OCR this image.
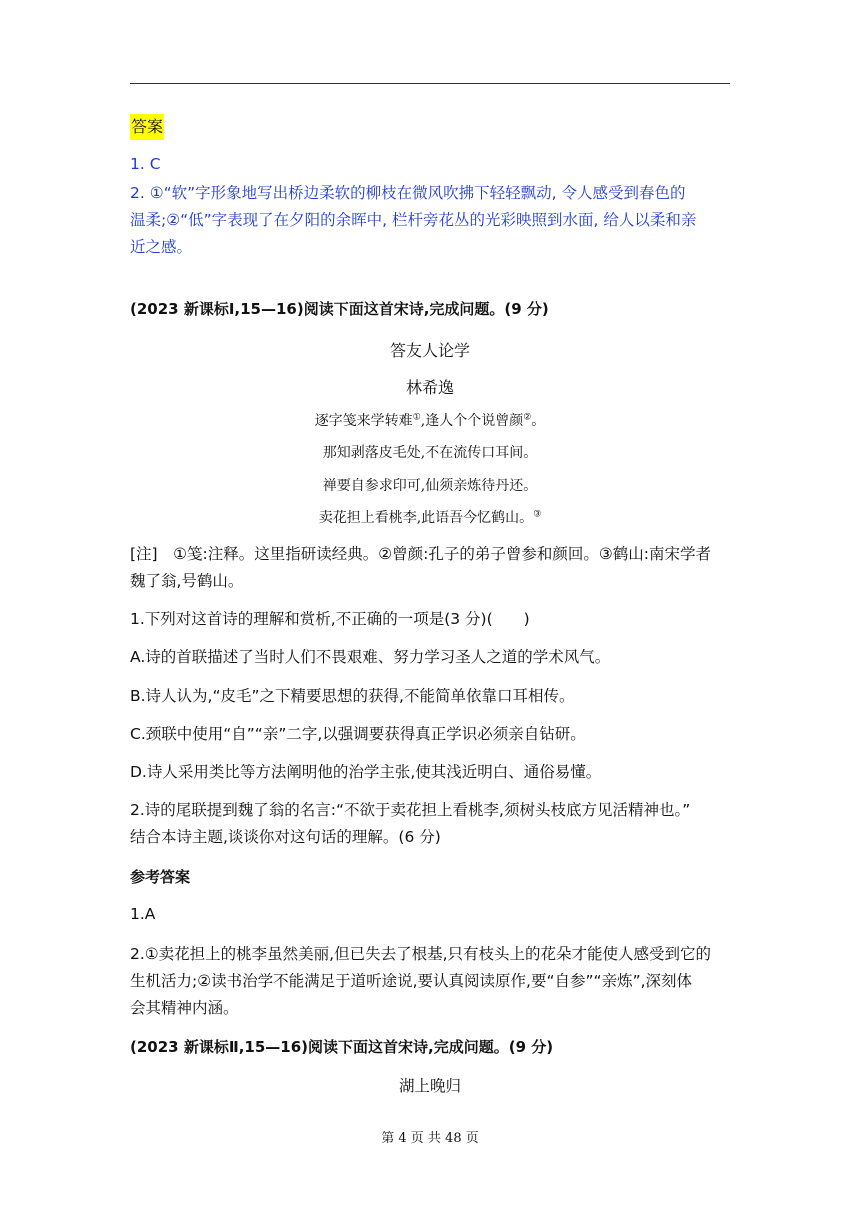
答案
1. C
2. ①“软”字形象地写出桥边柔软的柳枝在微风吹拂下轻轻飘动, 令人感受到春色的
温柔;②“低”字表现了在夕阳的余晖中, 栏杆旁花丛的光彩映照到水面, 给人以柔和亲
近之感。
(2023 新课标Ⅰ,15—16)阅读下面这首宋诗,完成问题。(9 分)
答友人论学
林希逸
逐字笺来学转难①,逢人个个说曾颜②。
那知剥落皮毛处,不在流传口耳间。
禅要自参求印可,仙须亲炼待丹还。
卖花担上看桃李,此语吾今忆鹤山。③
[注]　①笺:注释。这里指研读经典。②曾颜:孔子的弟子曾参和颜回。③鹤山:南宋学者
魏了翁,号鹤山。
1.下列对这首诗的理解和赏析,不正确的一项是(3 分)(　　)
A.诗的首联描述了当时人们不畏艰难、努力学习圣人之道的学术风气。
B.诗人认为,“皮毛”之下精要思想的获得,不能简单依靠口耳相传。
C.颈联中使用“自”“亲”二字,以强调要获得真正学识必须亲自钻研。
D.诗人采用类比等方法阐明他的治学主张,使其浅近明白、通俗易懂。
2.诗的尾联提到魏了翁的名言:“不欲于卖花担上看桃李,须树头枝底方见活精神也。”
结合本诗主题,谈谈你对这句话的理解。(6 分)
参考答案
1.A
2.①卖花担上的桃李虽然美丽,但已失去了根基,只有枝头上的花朵才能使人感受到它的
生机活力;②读书治学不能满足于道听途说,要认真阅读原作,要“自参”“亲炼”,深刻体
会其精神内涵。
(2023 新课标Ⅱ,15—16)阅读下面这首宋诗,完成问题。(9 分)
湖上晚归
第 4 页 共 48 页
